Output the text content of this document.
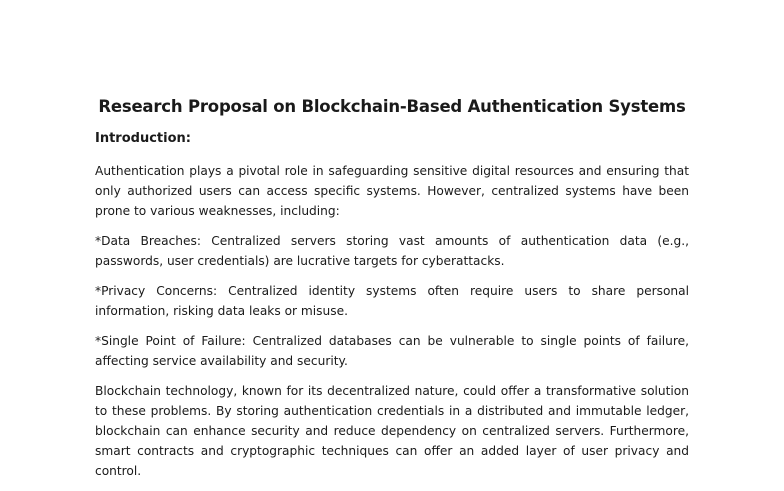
Research Proposal on Blockchain-Based Authentication Systems
Introduction:

Authentication plays a pivotal role in safeguarding sensitive digital resources and ensuring that only authorized users can access specific systems. However, centralized systems have been prone to various weaknesses, including:

*Data Breaches: Centralized servers storing vast amounts of authentication data (e.g., passwords, user credentials) are lucrative targets for cyberattacks.

*Privacy Concerns: Centralized identity systems often require users to share personal information, risking data leaks or misuse.

*Single Point of Failure: Centralized databases can be vulnerable to single points of failure, affecting service availability and security.

Blockchain technology, known for its decentralized nature, could offer a transformative solution to these problems. By storing authentication credentials in a distributed and immutable ledger, blockchain can enhance security and reduce dependency on centralized servers. Furthermore, smart contracts and cryptographic techniques can offer an added layer of user privacy and control.
